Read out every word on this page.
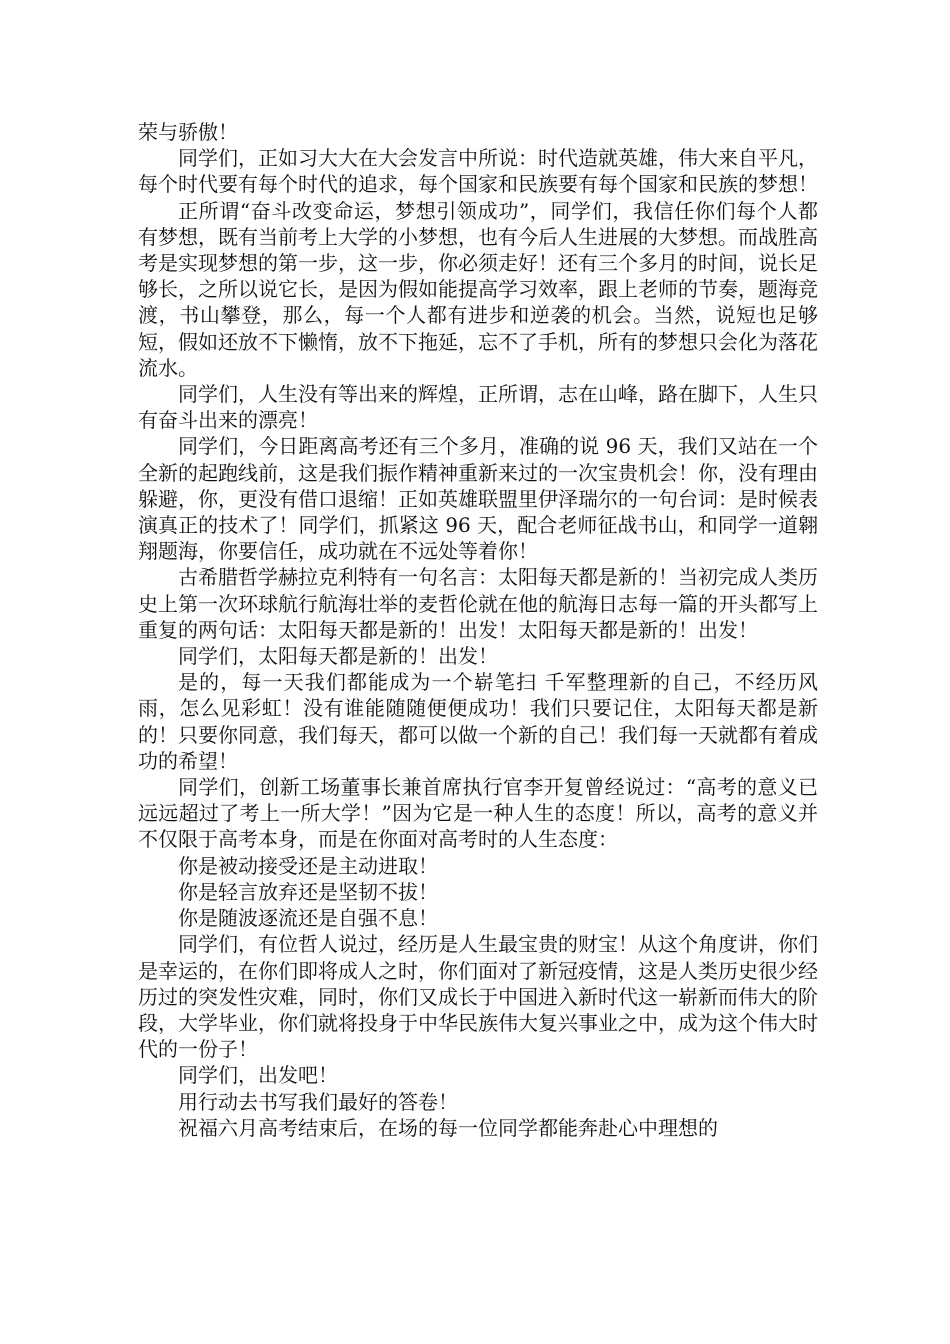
荣与骄傲！

同学们，正如习大大在大会发言中所说：时代造就英雄，伟大来自平凡，每个时代要有每个时代的追求，每个国家和民族要有每个国家和民族的梦想！

正所谓“奋斗改变命运，梦想引领成功”，同学们，我信任你们每个人都有梦想，既有当前考上大学的小梦想，也有今后人生进展的大梦想。而战胜高考是实现梦想的第一步，这一步，你必须走好！还有三个多月的时间，说长足够长，之所以说它长，是因为假如能提高学习效率，跟上老师的节奏，题海竞渡，书山攀登，那么，每一个人都有进步和逆袭的机会。当然，说短也足够短，假如还放不下懒惰，放不下拖延，忘不了手机，所有的梦想只会化为落花流水。

同学们，人生没有等出来的辉煌，正所谓，志在山峰，路在脚下，人生只有奋斗出来的漂亮！

同学们，今日距离高考还有三个多月，准确的说 96 天，我们又站在一个全新的起跑线前，这是我们振作精神重新来过的一次宝贵机会！你，没有理由躲避，你，更没有借口退缩！正如英雄联盟里伊泽瑞尔的一句台词：是时候表演真正的技术了！同学们，抓紧这 96 天，配合老师征战书山，和同学一道翱翔题海，你要信任，成功就在不远处等着你！

古希腊哲学赫拉克利特有一句名言：太阳每天都是新的！当初完成人类历史上第一次环球航行航海壮举的麦哲伦就在他的航海日志每一篇的开头都写上重复的两句话：太阳每天都是新的！出发！太阳每天都是新的！出发！

同学们，太阳每天都是新的！出发！

是的，每一天我们都能成为一个崭笔扫 千军整理新的自己，不经历风雨，怎么见彩虹！没有谁能随随便便成功！我们只要记住，太阳每天都是新的！只要你同意，我们每天，都可以做一个新的自己！我们每一天就都有着成功的希望！

同学们，创新工场董事长兼首席执行官李开复曾经说过：“高考的意义已远远超过了考上一所大学！”因为它是一种人生的态度！所以，高考的意义并不仅限于高考本身，而是在你面对高考时的人生态度：

你是被动接受还是主动进取！

你是轻言放弃还是坚韧不拔！

你是随波逐流还是自强不息！

同学们，有位哲人说过，经历是人生最宝贵的财宝！从这个角度讲，你们是幸运的，在你们即将成人之时，你们面对了新冠疫情，这是人类历史很少经历过的突发性灾难，同时，你们又成长于中国进入新时代这一崭新而伟大的阶段，大学毕业，你们就将投身于中华民族伟大复兴事业之中，成为这个伟大时代的一份子！

同学们，出发吧！

用行动去书写我们最好的答卷！

祝福六月高考结束后，在场的每一位同学都能奔赴心中理想的
